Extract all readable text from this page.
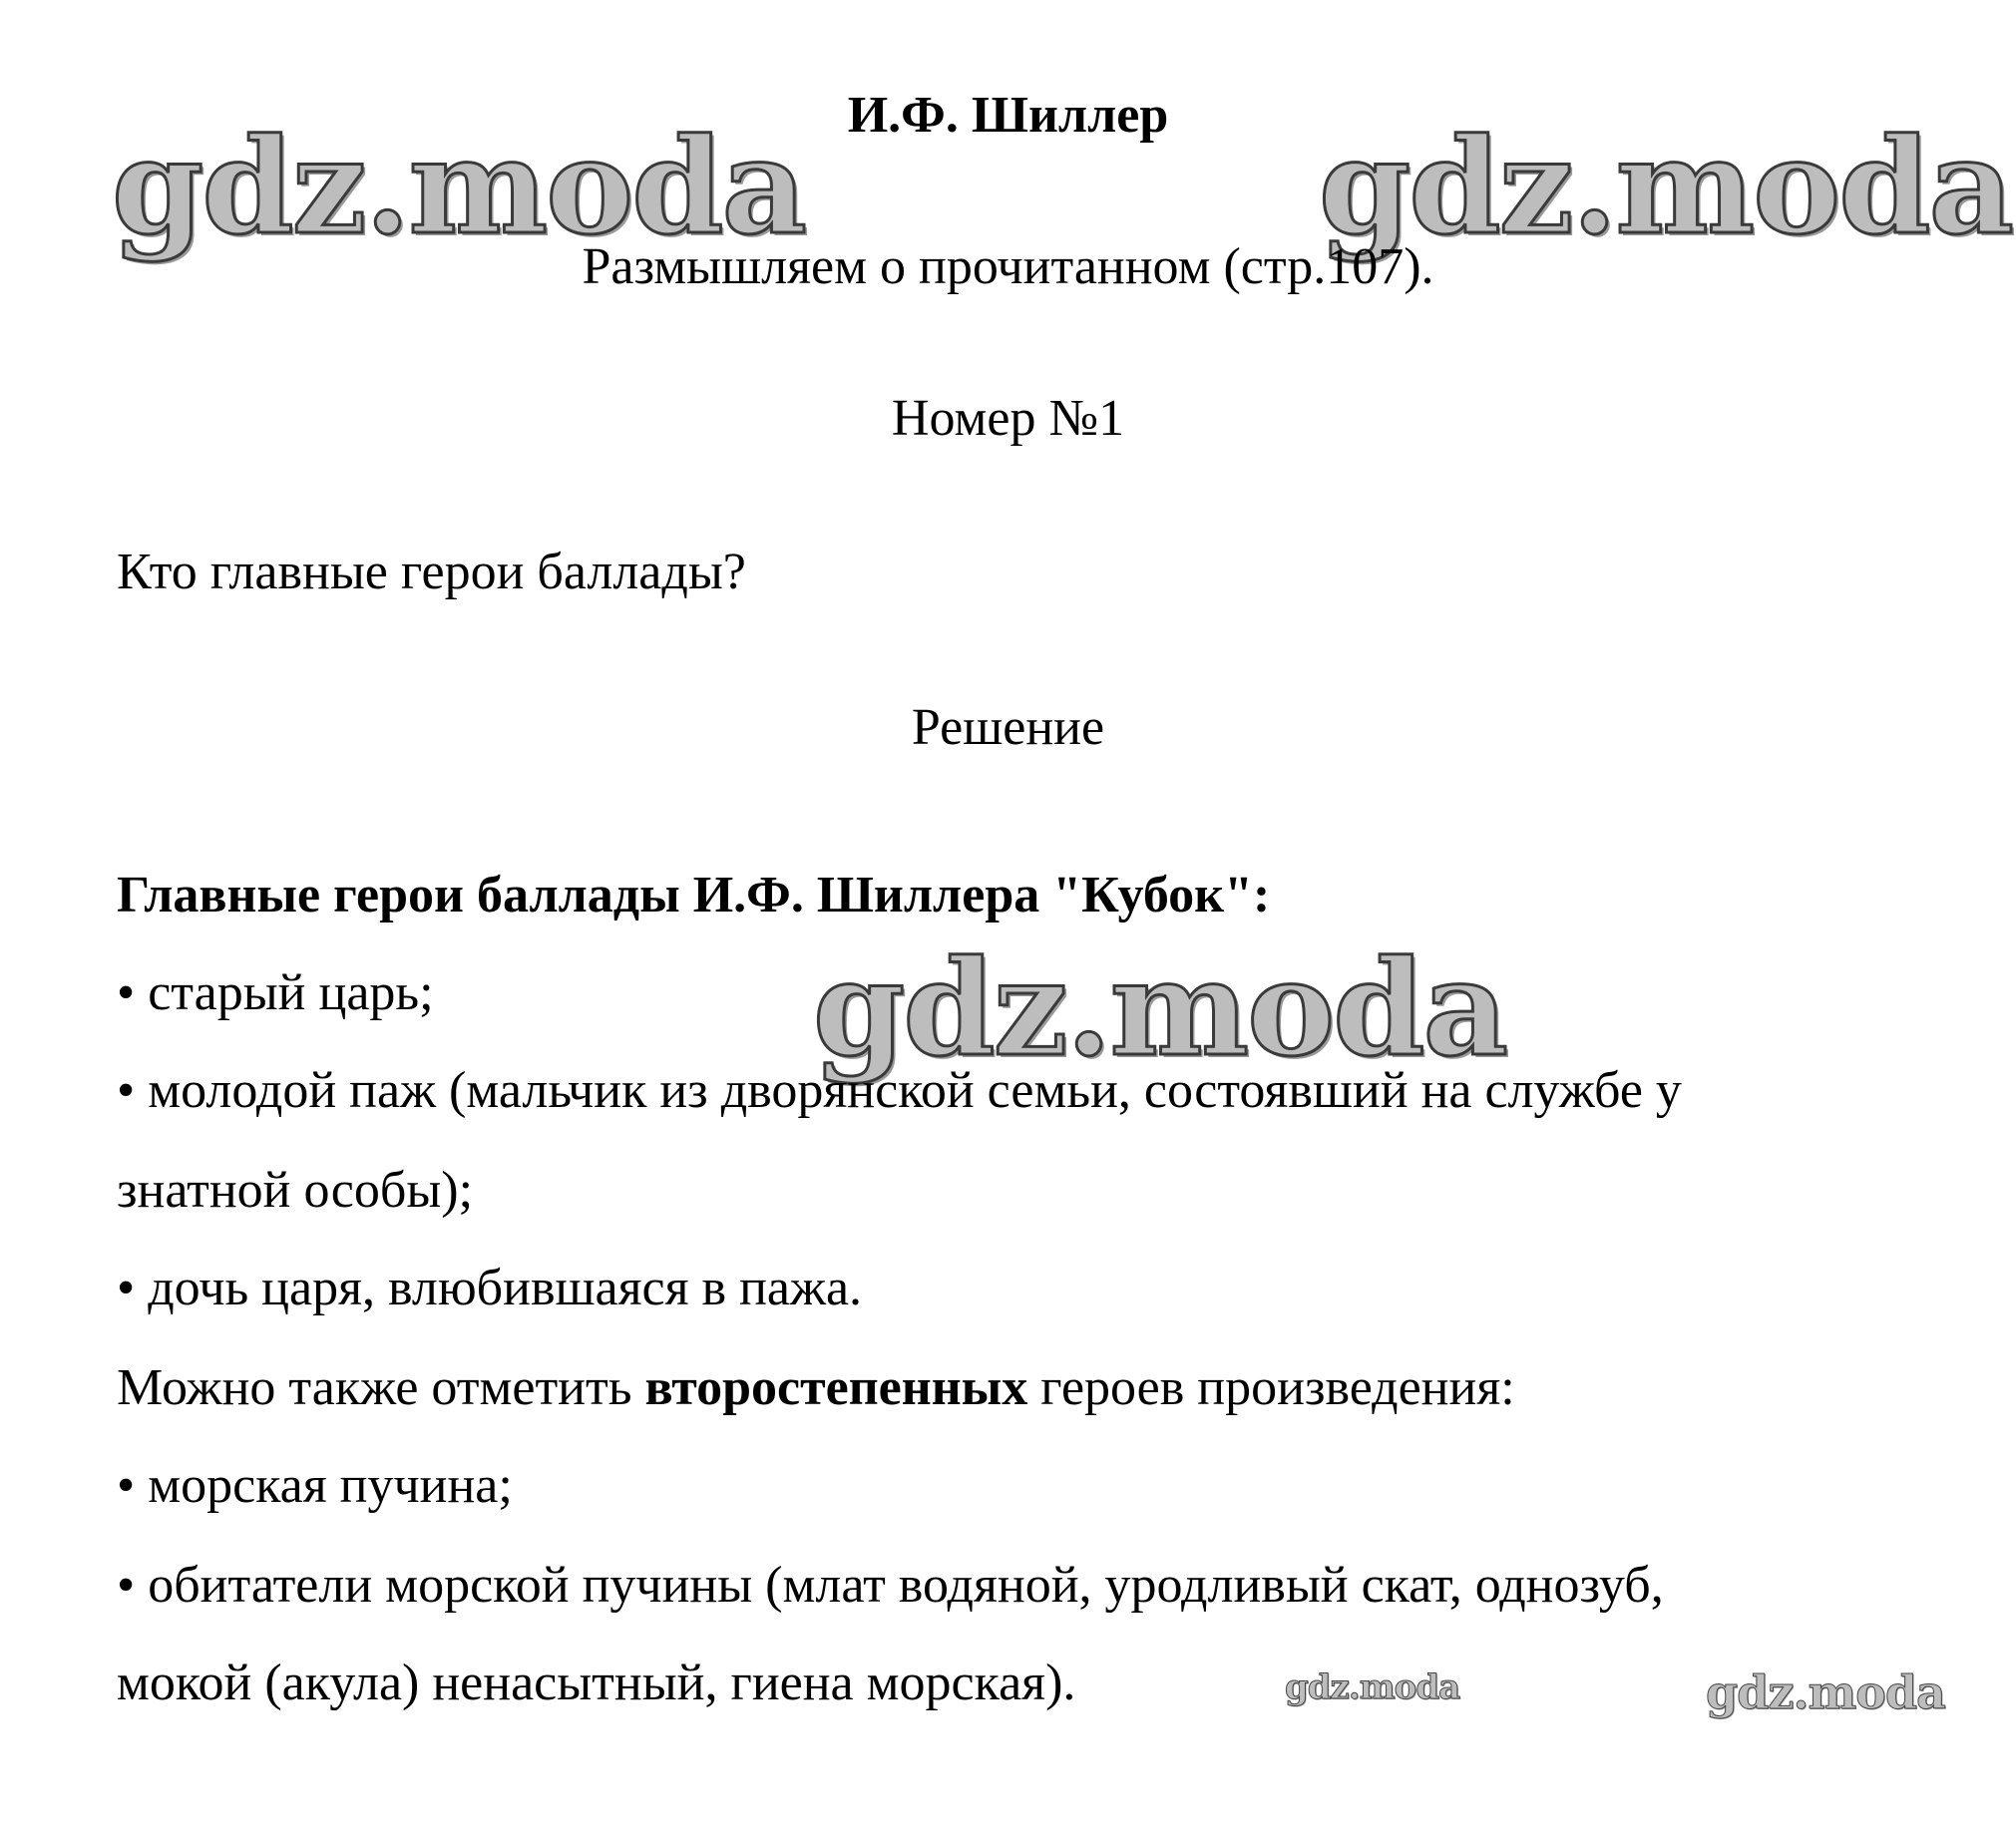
gdz.moda	gdz.moda
gdz.moda
gdz.moda	gdz.moda
И.Ф. Шиллер
Размышляем о прочитанном (стр.107).
Номер №1
Кто главные герои баллады?
Решение
Главные герои баллады И.Ф. Шиллера "Кубок":
• старый царь;
• молодой паж (мальчик из дворянской семьи, состоявший на службе у
знатной особы);
• дочь царя, влюбившаяся в пажа.
Можно также отметить второстепенных героев произведения:
• морская пучина;
• обитатели морской пучины (млат водяной, уродливый скат, однозуб,
мокой (акула) ненасытный, гиена морская).
